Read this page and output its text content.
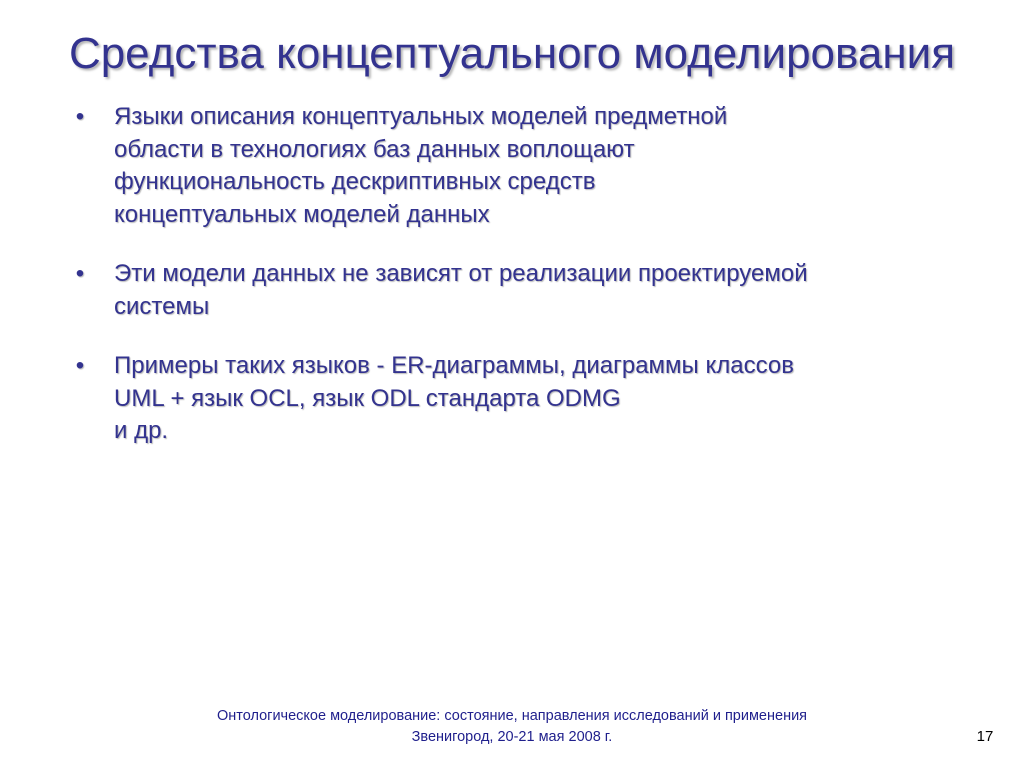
Средства концептуального моделирования
• Языки описания концептуальных моделей предметной
области в технологиях баз данных воплощают
функциональность дескриптивных средств
концептуальных моделей данных
• Эти модели данных не зависят от реализации проектируемой
системы
• Примеры таких языков - ER-диаграммы, диаграммы классов
UML + язык OCL, язык ODL стандарта ODMG
и др.
Онтологическое моделирование: состояние, направления исследований и применения
Звенигород, 20-21 мая 2008 г.	17
